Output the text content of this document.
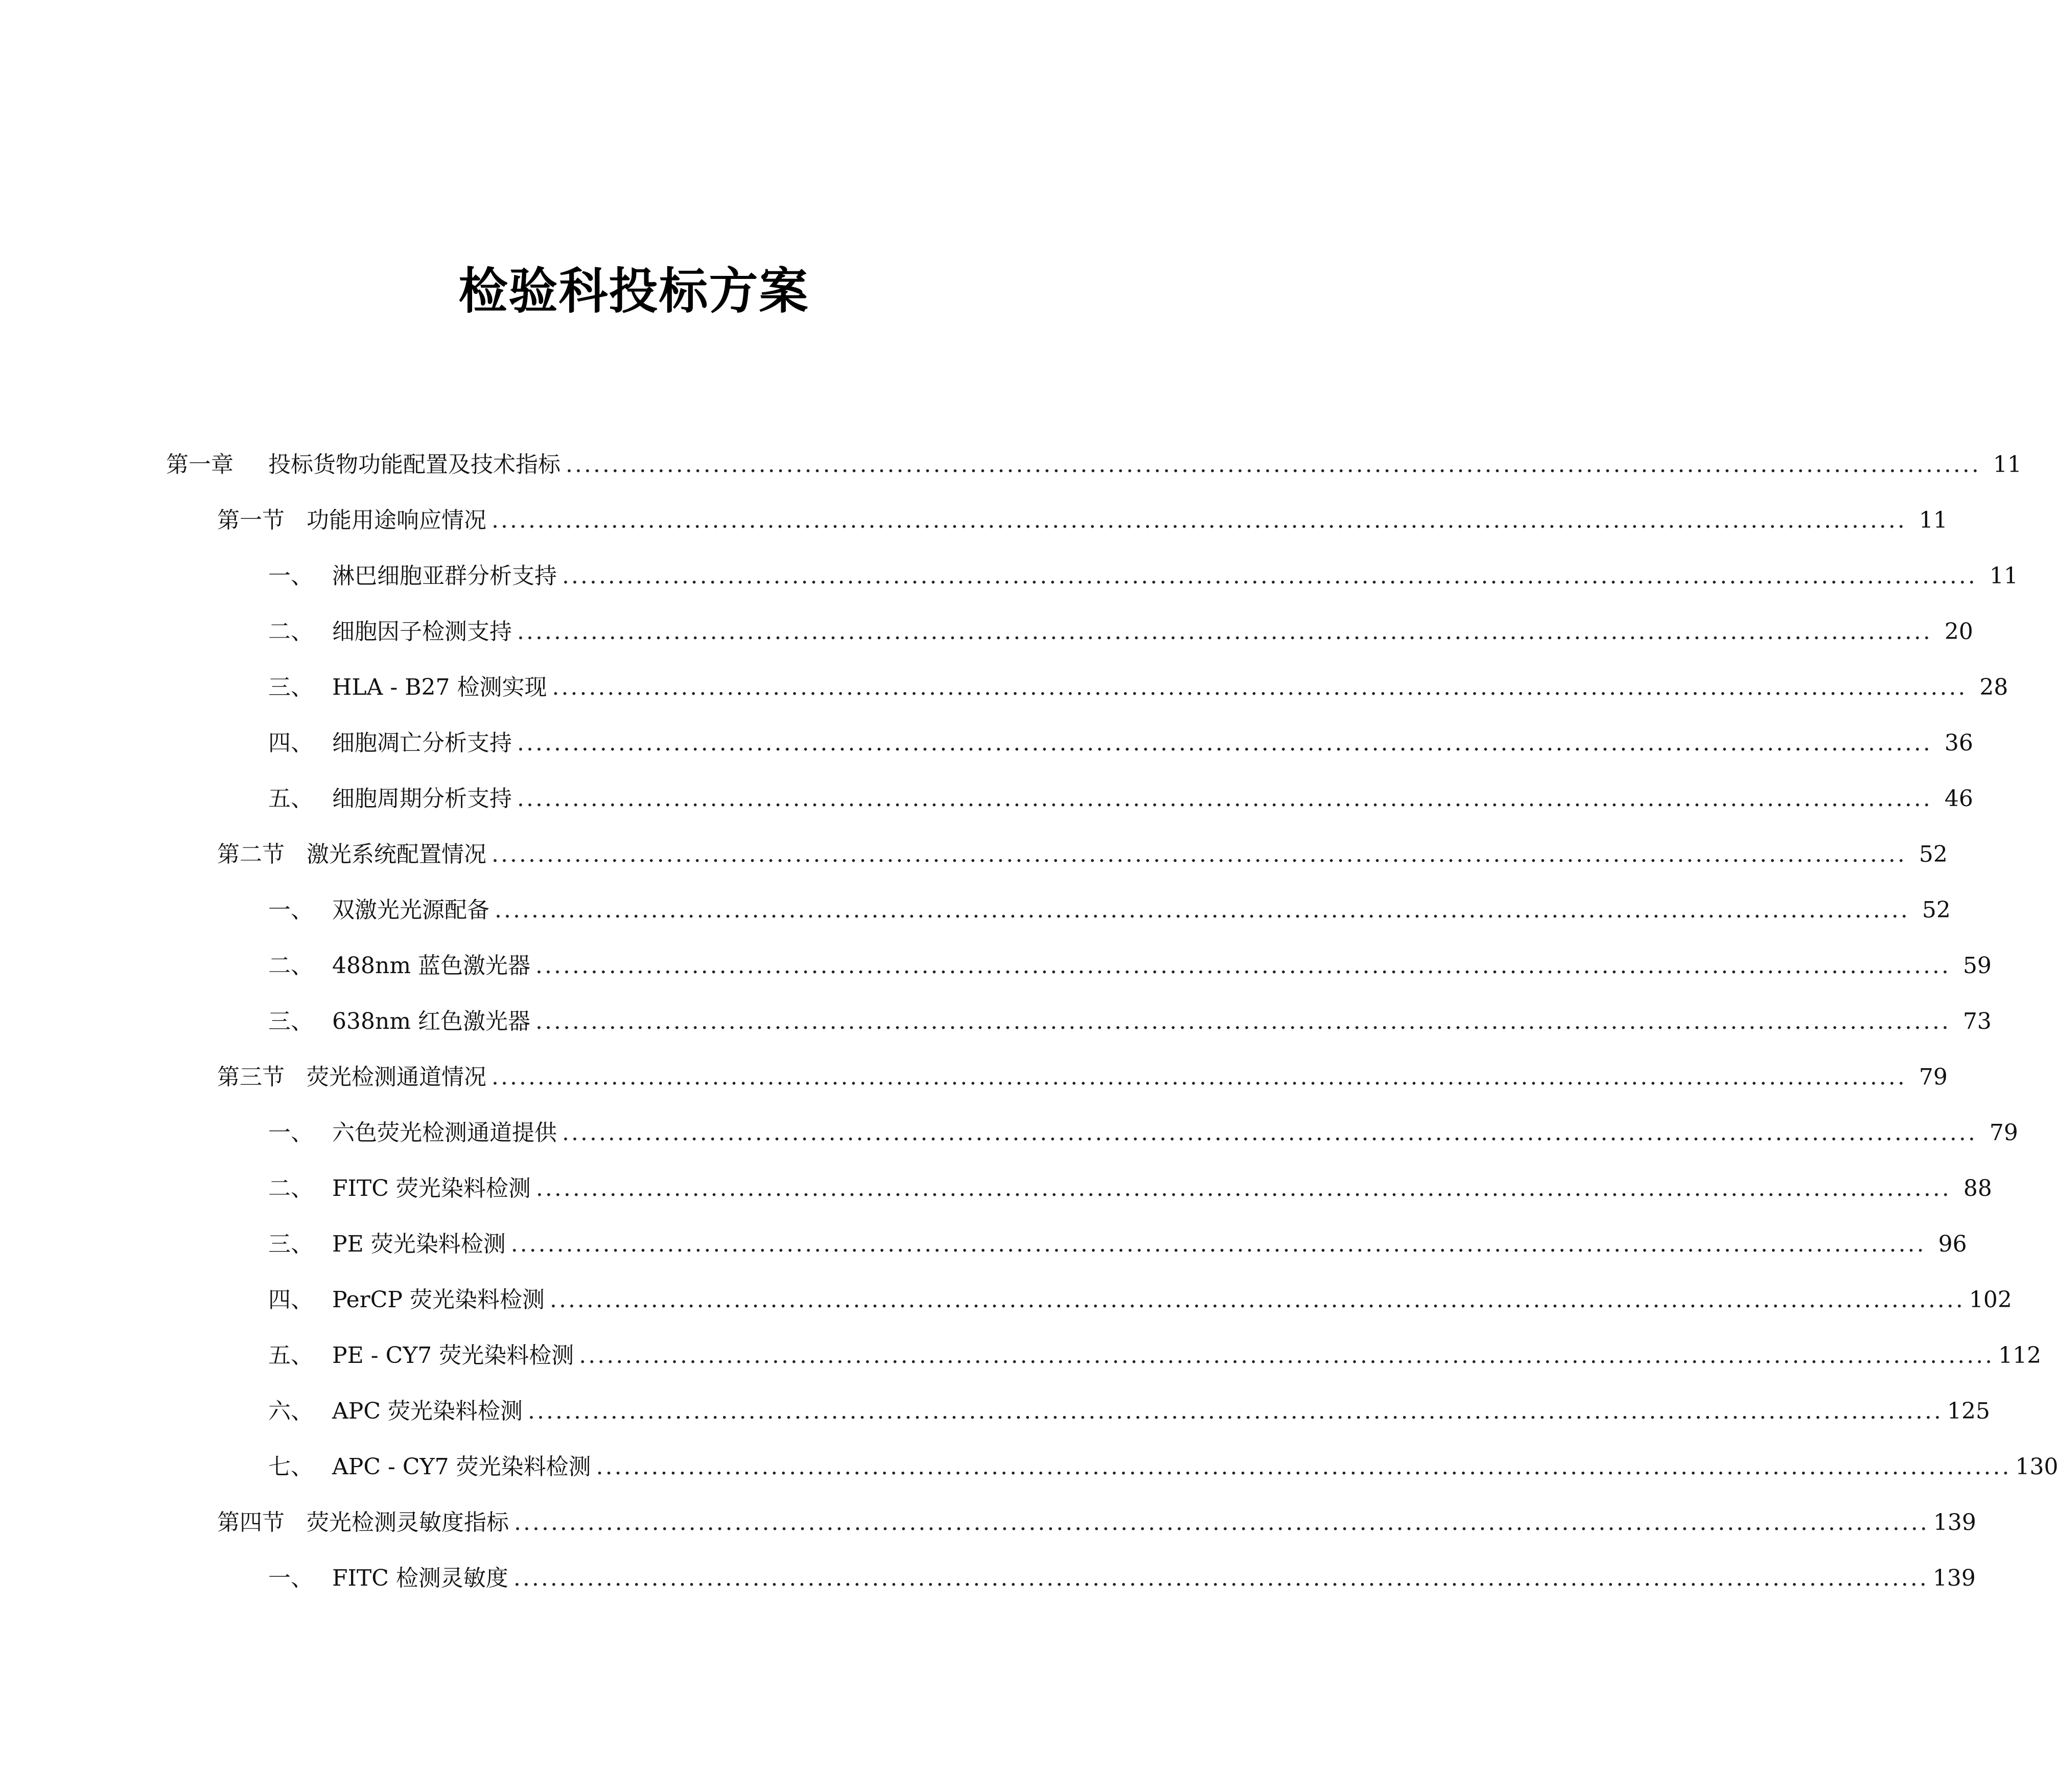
检验科投标方案
第一章 投标货物功能配置及技术指标 .......................................................................................................................................................... 11
第一节 功能用途响应情况 .......................................................................................................................................................... 11
一、 淋巴细胞亚群分析支持 .......................................................................................................................................................... 11
二、 细胞因子检测支持 .......................................................................................................................................................... 20
三、 HLA - B27 检测实现 .......................................................................................................................................................... 28
四、 细胞凋亡分析支持 .......................................................................................................................................................... 36
五、 细胞周期分析支持 .......................................................................................................................................................... 46
第二节 激光系统配置情况 .......................................................................................................................................................... 52
一、 双激光光源配备 .......................................................................................................................................................... 52
二、 488nm 蓝色激光器 .......................................................................................................................................................... 59
三、 638nm 红色激光器 .......................................................................................................................................................... 73
第三节 荧光检测通道情况 .......................................................................................................................................................... 79
一、 六色荧光检测通道提供 .......................................................................................................................................................... 79
二、 FITC 荧光染料检测 .......................................................................................................................................................... 88
三、 PE 荧光染料检测 .......................................................................................................................................................... 96
四、 PerCP 荧光染料检测 .......................................................................................................................................................... 102
五、 PE - CY7 荧光染料检测 .......................................................................................................................................................... 112
六、 APC 荧光染料检测 .......................................................................................................................................................... 125
七、 APC - CY7 荧光染料检测 .......................................................................................................................................................... 130
第四节 荧光检测灵敏度指标 .......................................................................................................................................................... 139
一、 FITC 检测灵敏度 .......................................................................................................................................................... 139
